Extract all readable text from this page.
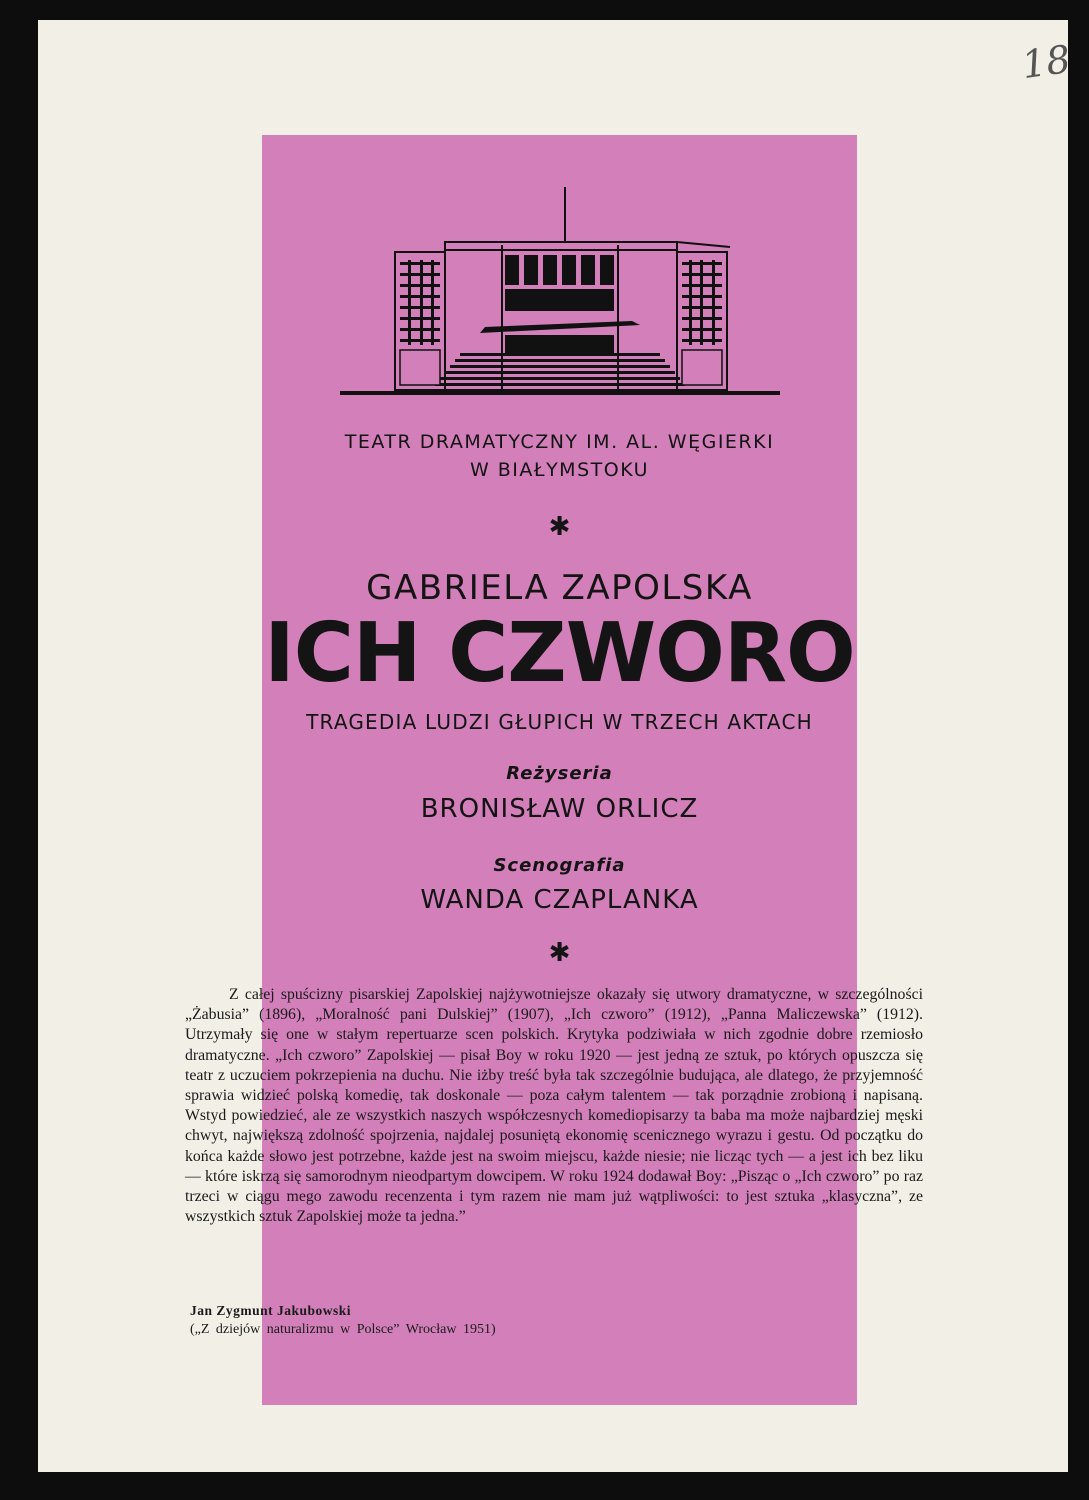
18
TEATR DRAMATYCZNY IM. AL. WĘGIERKI
W BIAŁYMSTOKU
✱
GABRIELA ZAPOLSKA
ICH CZWORO
TRAGEDIA LUDZI GŁUPICH W TRZECH AKTACH
Reżyseria
BRONISŁAW ORLICZ
Scenografia
WANDA CZAPLANKA
✱

Z całej spuścizny pisarskiej Zapolskiej najżywotniejsze okazały się utwory dramatyczne, w szczególności „Żabusia” (1896), „Moralność pani Dulskiej” (1907), „Ich czworo” (1912), „Panna Maliczewska” (1912). Utrzymały się one w stałym repertuarze scen polskich. Krytyka podziwiała w nich zgodnie dobre rzemiosło dramatyczne. „Ich czworo” Zapolskiej — pisał Boy w roku 1920 — jest jedną ze sztuk, po których opuszcza się teatr z uczuciem pokrzepienia na duchu. Nie iżby treść była tak szczególnie budująca, ale dlatego, że przyjemność sprawia widzieć polską komedię, tak doskonale — poza całym talentem — tak porządnie zrobioną i napisaną. Wstyd powiedzieć, ale ze wszystkich naszych współczesnych komediopisarzy ta baba ma może najbardziej męski chwyt, największą zdolność spojrzenia, najdalej posuniętą ekonomię scenicznego wyrazu i gestu. Od początku do końca każde słowo jest potrzebne, każde jest na swoim miejscu, każde niesie; nie licząc tych — a jest ich bez liku — które iskrzą się samorodnym nieodpartym dowcipem. W roku 1924 dodawał Boy: „Pisząc o „Ich czworo” po raz trzeci w ciągu mego zawodu recenzenta i tym razem nie mam już wątpliwości: to jest sztuka „klasyczna”, ze wszystkich sztuk Zapolskiej może ta jedna.”

Jan Zygmunt Jakubowski

(„Z dziejów naturalizmu w Polsce” Wrocław 1951)
